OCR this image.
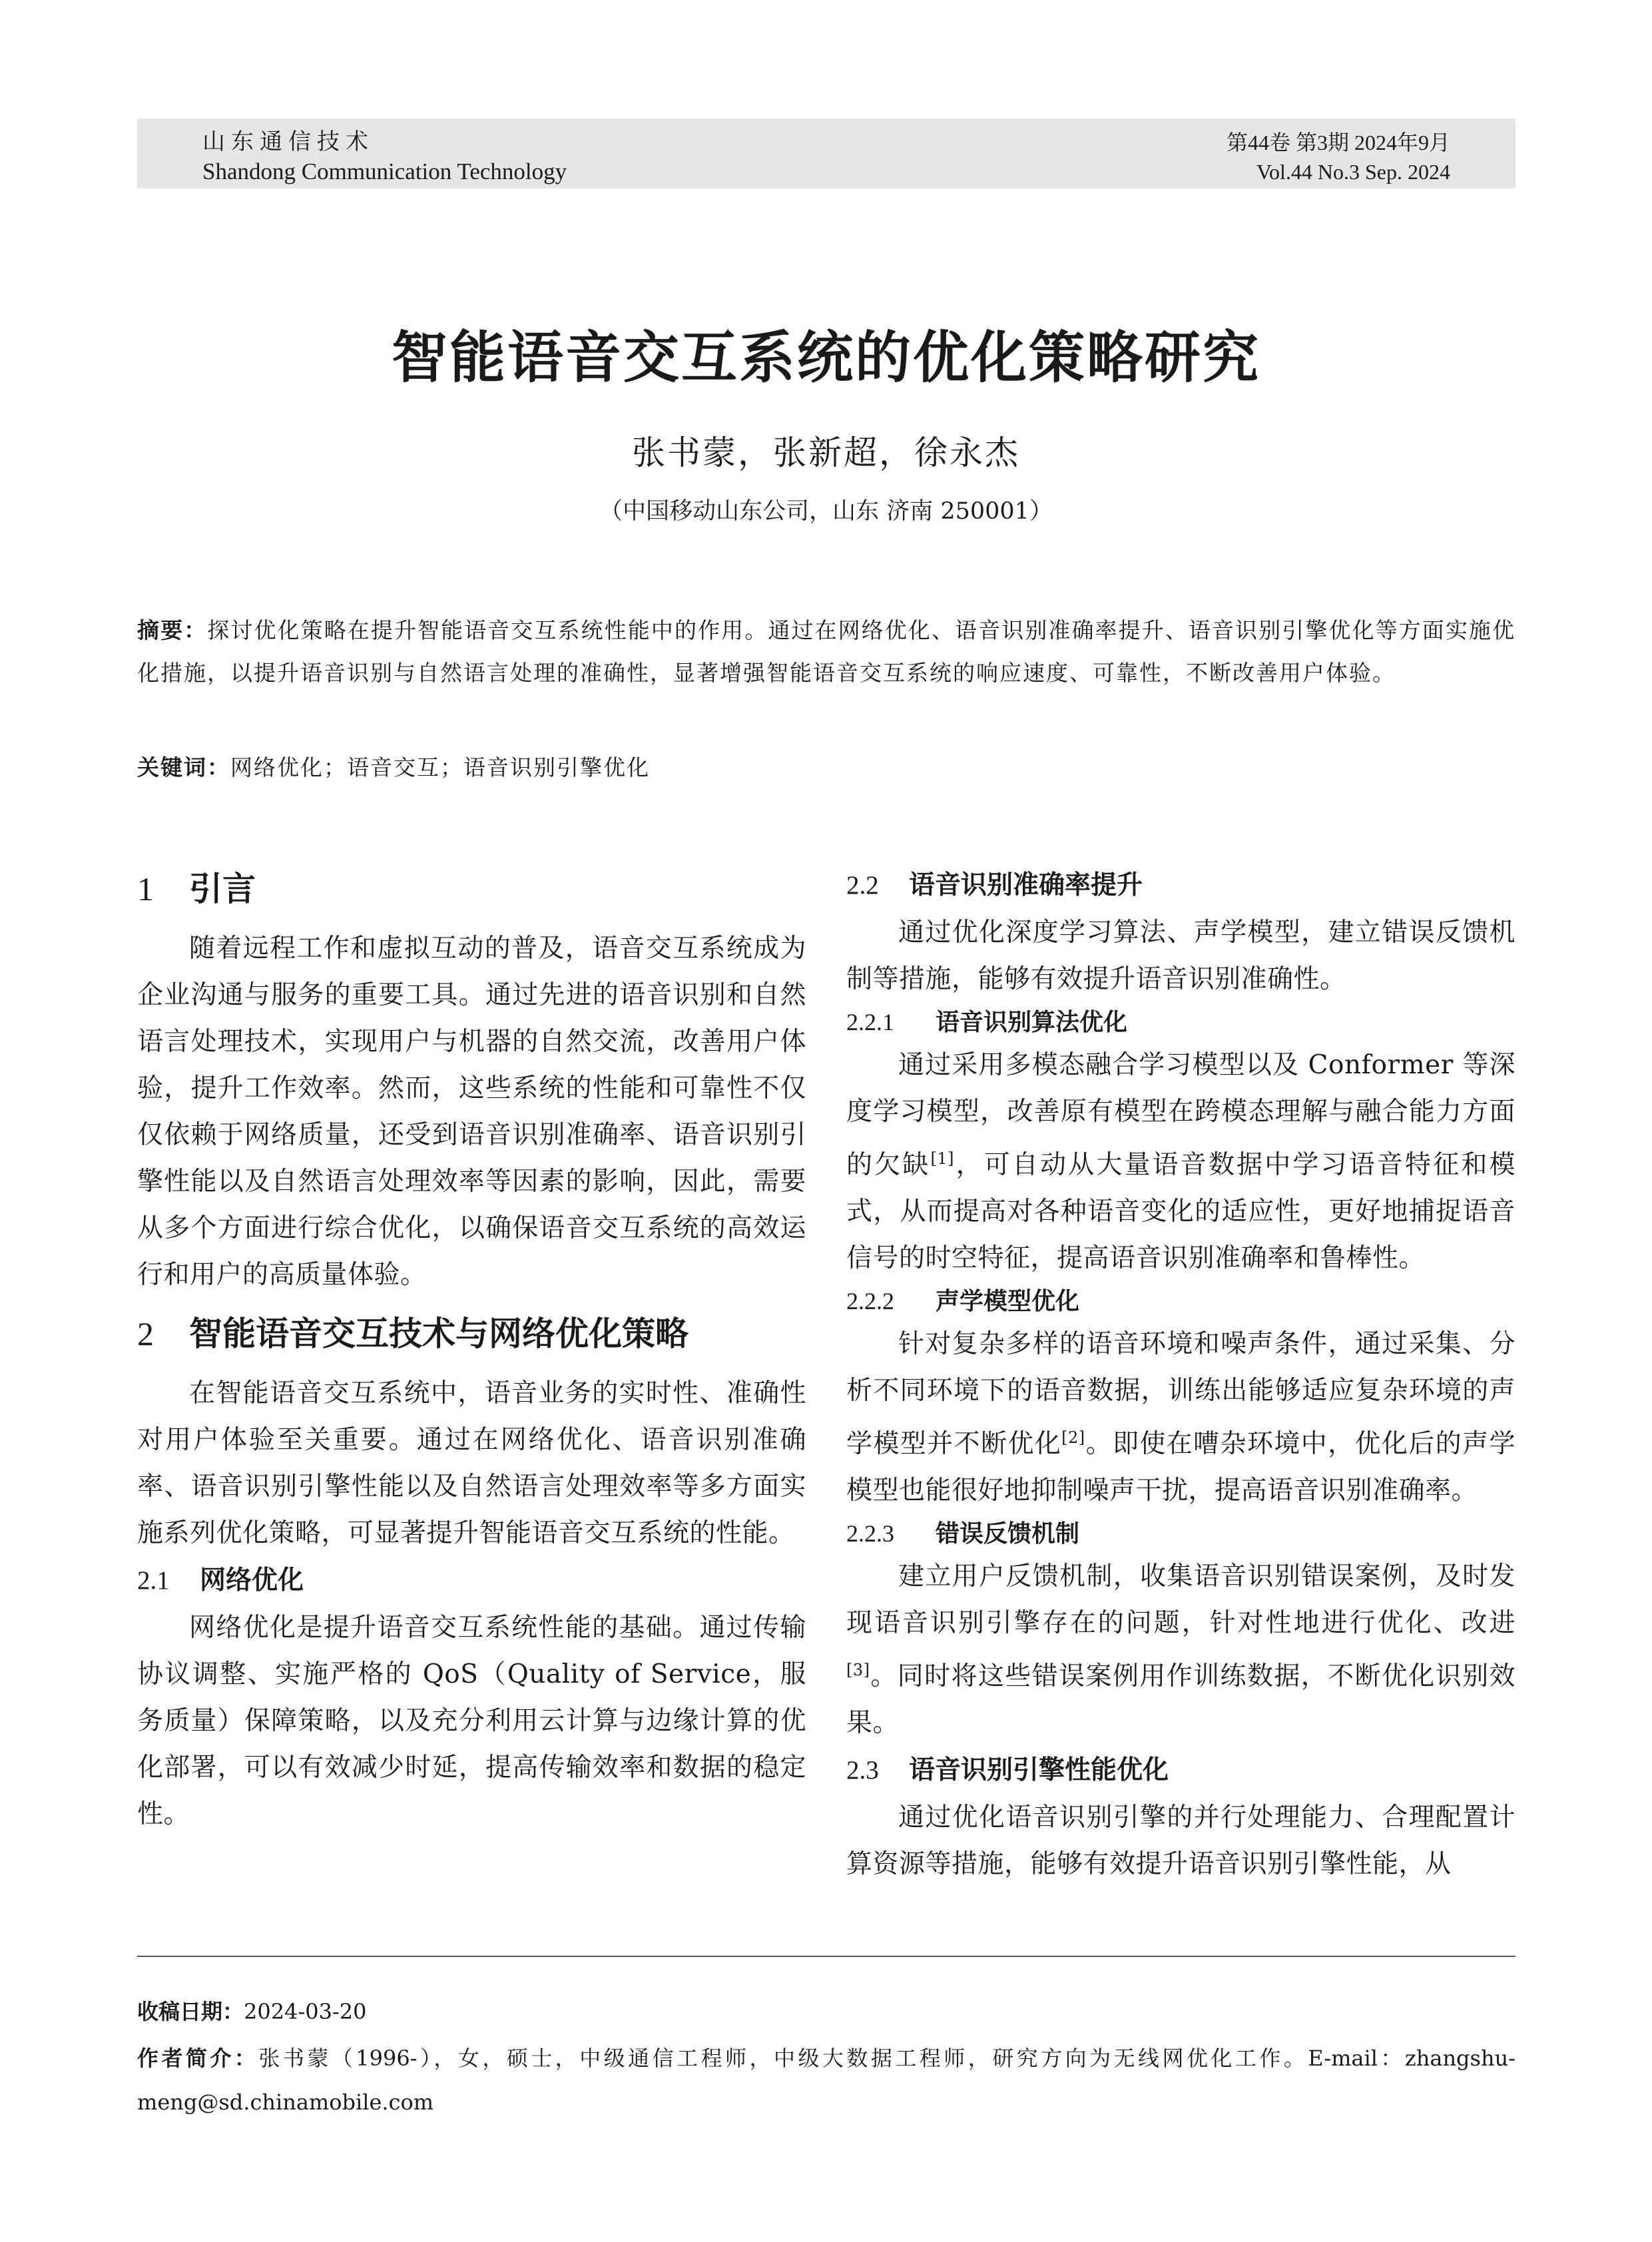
山东通信技术
Shandong Communication Technology
第44卷 第3期 2024年9月
Vol.44 No.3 Sep. 2024
智能语音交互系统的优化策略研究
张书蒙，张新超，徐永杰
（中国移动山东公司，山东 济南 250001）
摘要：探讨优化策略在提升智能语音交互系统性能中的作用。通过在网络优化、语音识别准确率提升、语音识别引擎优化等方面实施优化措施，以提升语音识别与自然语言处理的准确性，显著增强智能语音交互系统的响应速度、可靠性，不断改善用户体验。
关键词：网络优化；语音交互；语音识别引擎优化
1 引言

随着远程工作和虚拟互动的普及，语音交互系统成为企业沟通与服务的重要工具。通过先进的语音识别和自然语言处理技术，实现用户与机器的自然交流，改善用户体验，提升工作效率。然而，这些系统的性能和可靠性不仅仅依赖于网络质量，还受到语音识别准确率、语音识别引擎性能以及自然语言处理效率等因素的影响，因此，需要从多个方面进行综合优化，以确保语音交互系统的高效运行和用户的高质量体验。

2 智能语音交互技术与网络优化策略

在智能语音交互系统中，语音业务的实时性、准确性对用户体验至关重要。通过在网络优化、语音识别准确率、语音识别引擎性能以及自然语言处理效率等多方面实施系列优化策略，可显著提升智能语音交互系统的性能。

2.1 网络优化

网络优化是提升语音交互系统性能的基础。通过传输协议调整、实施严格的 QoS（Quality of Service，服务质量）保障策略，以及充分利用云计算与边缘计算的优化部署，可以有效减少时延，提高传输效率和数据的稳定性。

2.2 语音识别准确率提升

通过优化深度学习算法、声学模型，建立错误反馈机制等措施，能够有效提升语音识别准确性。

2.2.1 语音识别算法优化

通过采用多模态融合学习模型以及 Conformer 等深度学习模型，改善原有模型在跨模态理解与融合能力方面的欠缺[1]，可自动从大量语音数据中学习语音特征和模式，从而提高对各种语音变化的适应性，更好地捕捉语音信号的时空特征，提高语音识别准确率和鲁棒性。

2.2.2 声学模型优化

针对复杂多样的语音环境和噪声条件，通过采集、分析不同环境下的语音数据，训练出能够适应复杂环境的声学模型并不断优化[2]。即使在嘈杂环境中，优化后的声学模型也能很好地抑制噪声干扰，提高语音识别准确率。

2.2.3 错误反馈机制

建立用户反馈机制，收集语音识别错误案例，及时发现语音识别引擎存在的问题，针对性地进行优化、改进[3]。同时将这些错误案例用作训练数据，不断优化识别效果。

2.3 语音识别引擎性能优化

通过优化语音识别引擎的并行处理能力、合理配置计算资源等措施，能够有效提升语音识别引擎性能，从

收稿日期：2024-03-20
作者简介：张书蒙（1996-），女，硕士，中级通信工程师，中级大数据工程师，研究方向为无线网优化工作。E-mail：zhangshu-meng@sd.chinamobile.com
